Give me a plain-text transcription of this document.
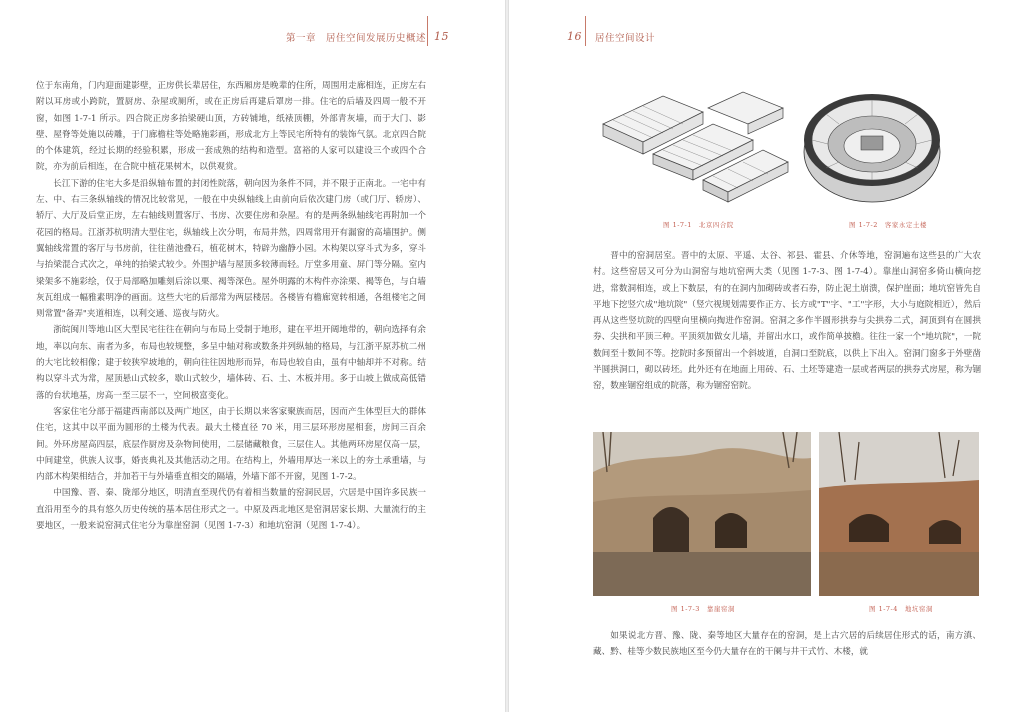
第一章　居住空间发展历史概述 15

位于东南角，门内迎面建影壁，正房供长辈居住，东西厢房是晚辈的住所，周围用走廊相连，正房左右附以耳房或小跨院，置厨房、杂屋或厕所，或在正房后再建后罩房一排。住宅的后墙及四周一般不开窗，如图 1-7-1 所示。四合院正房多抬梁硬山顶，方砖铺地，纸裱顶棚，外部青灰墙，而于大门、影壁、屋脊等处施以砖雕，于门廊檐柱等处略施彩画，形成北方上等民宅所特有的装饰气氛。北京四合院的个体建筑，经过长期的经验积累，形成一套成熟的结构和造型。富裕的人家可以建设三个或四个合院，亦为前后相连，在合院中植花果树木，以供观赏。

长江下游的住宅大多是沿纵轴布置的封闭性院落，朝向因为条件不同，并不限于正南北。一宅中有左、中、右三条纵轴线的情况比较常见，一般在中央纵轴线上由前向后依次建门房（或门厅、轿房）、轿厅、大厅及后堂正房，左右轴线则置客厅、书房、次要住房和杂屋。有的是两条纵轴线宅再附加一个花园的格局。江浙苏杭明清大型住宅，纵轴线上次分明，布局井然，四周常用开有漏窗的高墙围护。侧翼轴线常置的客厅与书房前，往往凿池叠石，植花树木，特辟为幽静小园。木构架以穿斗式为多，穿斗与抬梁混合式次之，单纯的抬梁式较少。外围护墙与屋顶多较薄而轻。厅堂多用童、屏门等分隔。室内梁架多不施彩绘，仅于局部略加雕刻后涂以栗、褐等深色。屋外明露的木构件亦涂栗、褐等色，与白墙灰瓦组成一幅雅素明净的画面。这些大宅的后部常为两层楼居。各楼皆有檐廊宽转相通，各组楼宅之间则常置"备弄"夹道相连，以利交通、巡夜与防火。

浙皖闽川等地山区大型民宅往往在朝向与布局上受制于地形，建在平坦开阔地带的，朝向选择有余地，率以向东、南者为多，布局也较规整，多呈中轴对称或数条并列纵轴的格局，与江浙平原苏杭二州的大宅比较相像；建于较狭窄坡地的，朝向往往因地形而异，布局也较自由，虽有中轴却并不对称。结构以穿斗式为常，屋顶悬山式较多，歇山式较少，墙体砖、石、土、木板并用。多于山坡上做成高低错落的台状地基，房高一至三层不一，空间极富变化。

客家住宅分部于福建西南部以及两广地区，由于长期以来客家聚族而居，因而产生体型巨大的群体住宅，这其中以平面为圆形的土楼为代表。最大土楼直径 70 米，用三层环形房屋相套，房间三百余间。外环房屋高四层，底层作厨房及杂物间使用，二层储藏粮食，三层住人。其他两环房屋仅高一层，中间建堂，供族人议事，婚丧典礼及其他活动之用。在结构上，外墙用厚达一米以上的夯土承重墙，与内部木构架相结合，并加若干与外墙垂直相交的隔墙，外墙下部不开窗，见图 1-7-2。

中国豫、晋、秦、陇部分地区，明清直至现代仍有着相当数量的窑洞民居，穴居是中国许多民族一直沿用至今的具有悠久历史传统的基本居住形式之一。中原及西北地区是窑洞居家长期、大量流行的主要地区，一般来说窑洞式住宅分为靠崖窑洞（见图 1-7-3）和地坑窑洞（见图 1-7-4）。

16 居住空间设计
图 1-7-1　北京四合院	图 1-7-2　客家永定土楼

晋中的窑洞居室。晋中的太原、平遥、太谷、祁县、霍县、介休等地，窑洞遍布这些县的广大农村。这些窑居又可分为山洞窑与地坑窑两大类（见图 1-7-3、图 1-7-4）。靠崖山洞窑多倚山横向挖进，常数洞相连，或上下数层，有的在洞内加砌砖或者石券，防止泥土崩溃，保护崖面；地坑窑皆先自平地下挖竖穴成"地坑院"（竖穴视规划需要作正方、长方或"T"字、"工"字形，大小与庭院相近），然后再从这些竖坑院的四壁向里横向掏进作窑洞。窑洞之多作半圆形拱券与尖拱券二式，洞顶到有在圆拱券、尖拱和平顶三种。平顶须加做女儿墙，并留出水口，或作简单披檐。往往一家一个"地坑院"，一院数间至十数间不等。挖院时多预留出一个斜坡道，自洞口至院底，以供上下出入。窑洞门窗多于外壁凿半圆拱洞口，砌以砖坯。此外还有在地面上用砖、石、土坯等建造一层或者两层的拱券式房屋，称为锢窑，数座锢窑组成的院落，称为锢窑窑院。

图 1-7-3　靠崖窑洞	图 1-7-4　地坑窑洞

如果说北方晋、豫、陇、秦等地区大量存在的窑洞，是上古穴居的后续居住形式的话，南方滇、藏、黔、桂等少数民族地区至今仍大量存在的干阑与井干式竹、木楼，就
